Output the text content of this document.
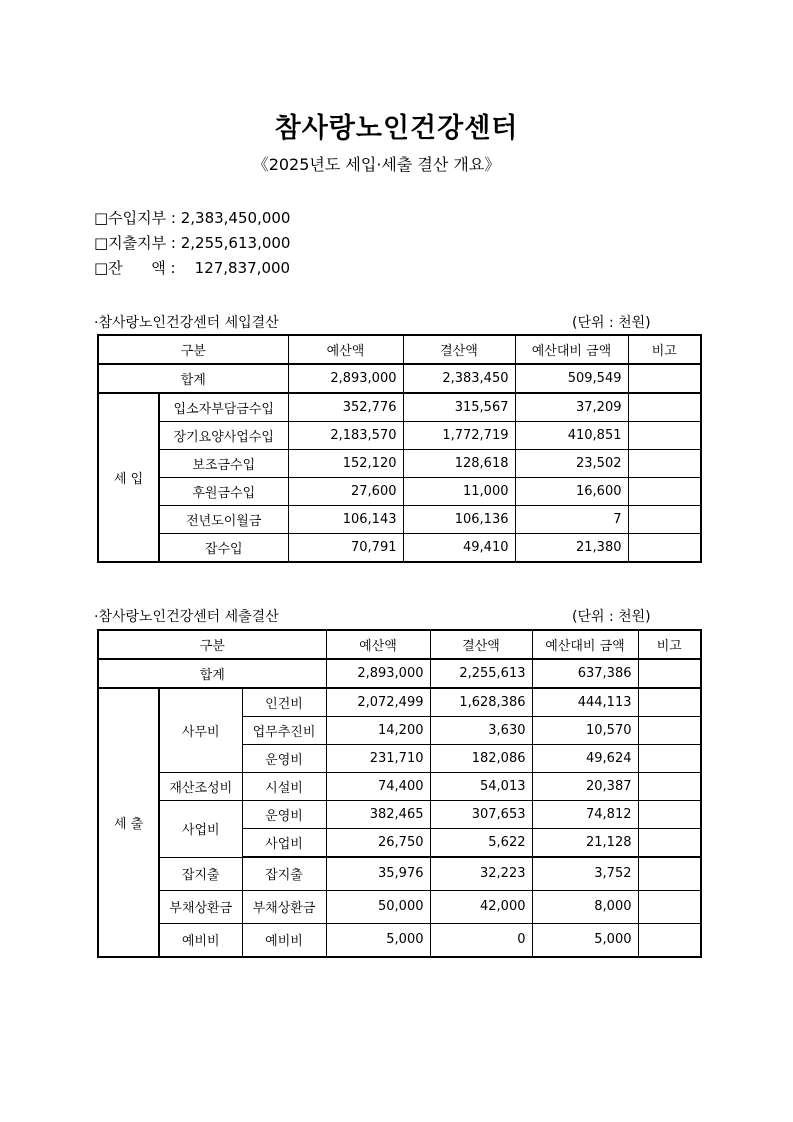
참사랑노인건강센터
《2025년도 세입·세출 결산 개요》
□수입지부 : 2,383,450,000
□지출지부 : 2,255,613,000
□잔      액 :    127,837,000
·참사랑노인건강센터 세입결산	(단위 : 천원)
구분		예산액	결산액	예산대비 금액	비고
합계		2,893,000	2,383,450	509,549	
세 입	입소자부담금수입	352,776	315,567	37,209	
	장기요양사업수입	2,183,570	1,772,719	410,851	
	보조금수입	152,120	128,618	23,502	
	후원금수입	27,600	11,000	16,600	
	전년도이월금	106,143	106,136	7	
	잡수입	70,791	49,410	21,380	
·참사랑노인건강센터 세출결산	(단위 : 천원)
구분			예산액	결산액	예산대비 금액	비고
합계			2,893,000	2,255,613	637,386	
세 출	사무비	인건비	2,072,499	1,628,386	444,113	
		업무추진비	14,200	3,630	10,570	
		운영비	231,710	182,086	49,624	
	재산조성비	시설비	74,400	54,013	20,387	
	사업비	운영비	382,465	307,653	74,812	
		사업비	26,750	5,622	21,128	
	잡지출	잡지출	35,976	32,223	3,752	
	부채상환금	부채상환금	50,000	42,000	8,000	
	예비비	예비비	5,000	0	5,000	
